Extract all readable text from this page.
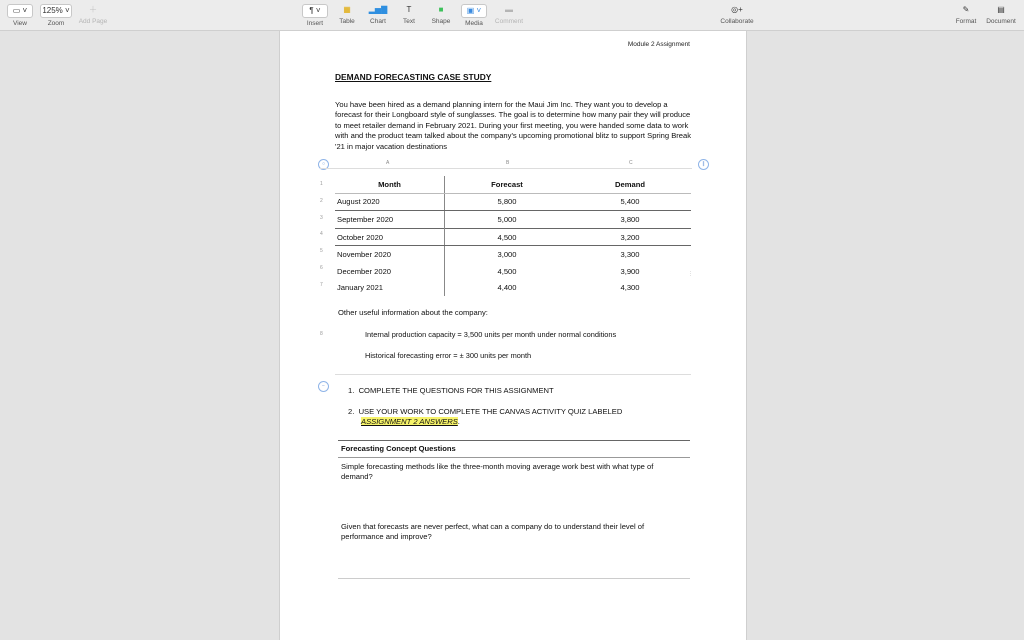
▭ ˅
View
125% ˅
Zoom
＋
Add Page
¶ ˅
Insert
▦
Table
▂▅▇
Chart
T
Text
■
Shape
▣ ˅
Media
▬
Comment
◎+
Collaborate
✎
Format
▤
Document
Module 2 Assignment
DEMAND FORECASTING CASE STUDY
You have been hired as a demand planning intern for the Maui Jim Inc. They want you to develop a forecast for their Longboard style of sunglasses. The goal is to determine how many pair they will produce to meet retailer demand in February 2021. During your first meeting, you were handed some data to work with and the product team talked about the company's upcoming promotional blitz to support Spring Break '21 in major vacation destinations
○	∥
A	B	C
1
2
3
4
5
6
7
Month	Forecast	Demand
August 2020	5,800	5,400
September 2020	5,000	3,800
October 2020	4,500	3,200
November 2020	3,000	3,300
December 2020	4,500	3,900
January 2021	4,400	4,300
⋮
Other useful information about the company:
8	Internal production capacity = 3,500 units per month under normal conditions
Historical forecasting error = ± 300 units per month
−	1. COMPLETE THE QUESTIONS FOR THIS ASSIGNMENT
2. USE YOUR WORK TO COMPLETE THE CANVAS ACTIVITY QUIZ LABELED
ASSIGNMENT 2 ANSWERS.
Forecasting Concept Questions
Simple forecasting methods like the three-month moving average work best with what type of demand?
Given that forecasts are never perfect, what can a company do to understand their level of performance and improve?
